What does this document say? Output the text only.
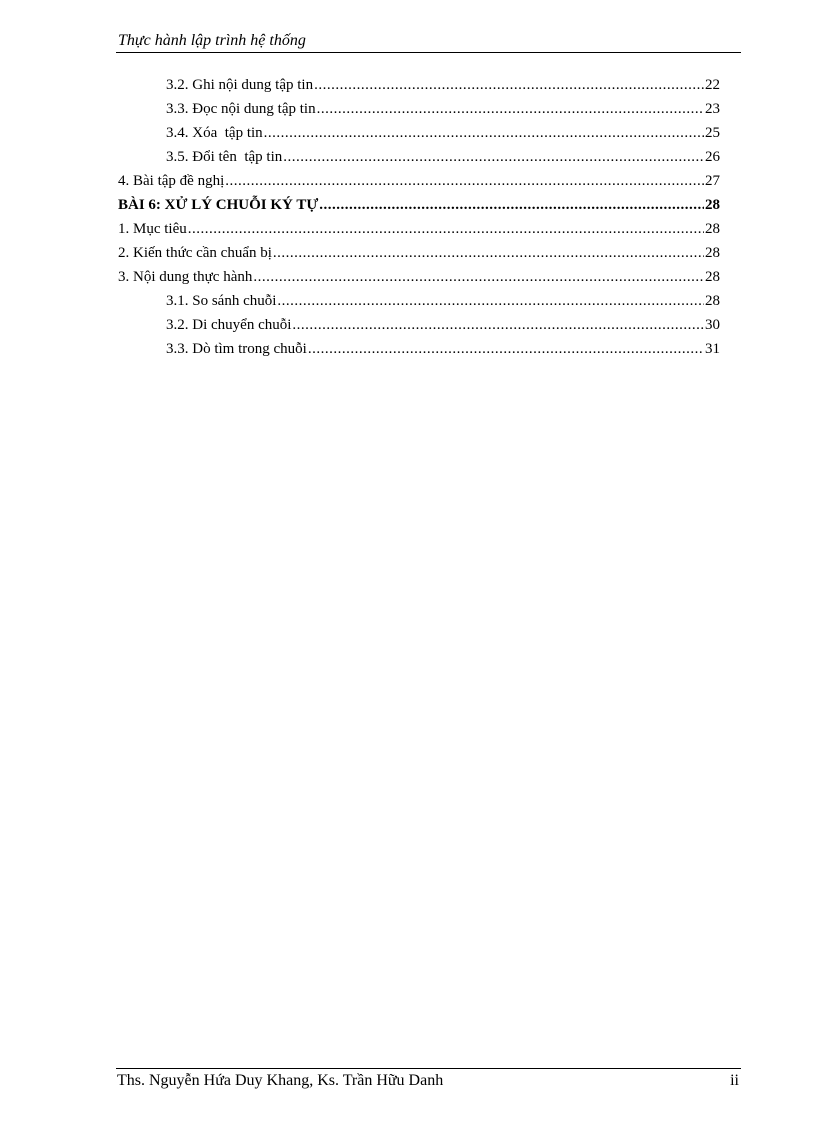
Thực hành lập trình hệ thống
3.2. Ghi nội dung tập tin .....	22
3.3. Đọc nội dung tập tin .....	23
3.4. Xóa  tập tin .....	25
3.5. Đổi tên  tập tin .....	26
4. Bài tập đề nghị .....	27
BÀI 6: XỬ LÝ CHUỖI KÝ TỰ .....	28
1. Mục tiêu .....	28
2. Kiến thức cần chuẩn bị .....	28
3. Nội dung thực hành .....	28
3.1. So sánh chuỗi .....	28
3.2. Di chuyển chuỗi .....	30
3.3. Dò tìm trong chuỗi .....	31
Ths. Nguyễn Hứa Duy Khang, Ks. Trần Hữu Danh	ii
